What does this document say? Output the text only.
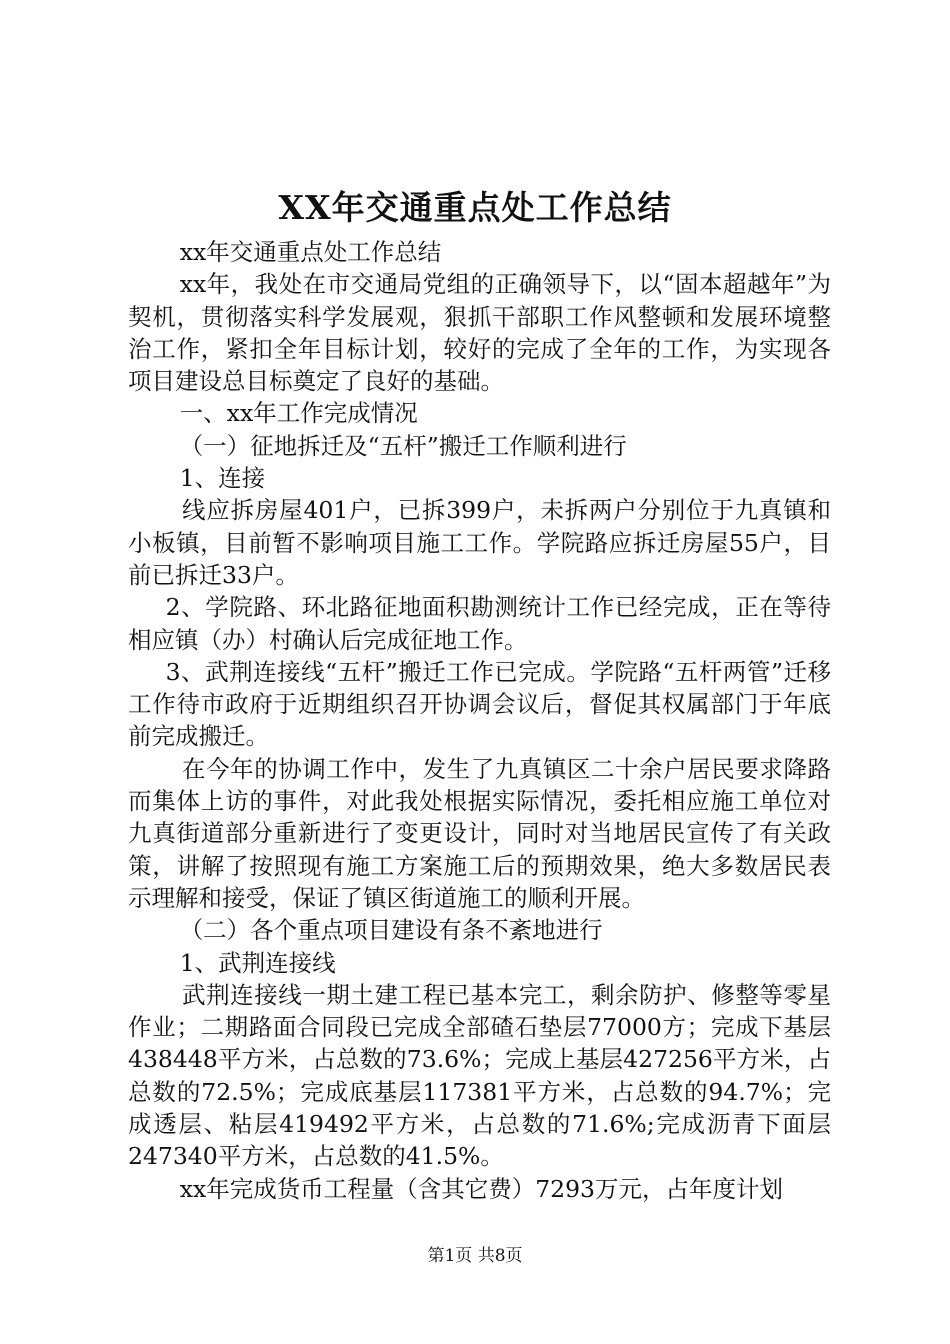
XX年交通重点处工作总结

xx年交通重点处工作总结

xx年，我处在市交通局党组的正确领导下，以“固本超越年”为契机，贯彻落实科学发展观，狠抓干部职工作风整顿和发展环境整治工作，紧扣全年目标计划，较好的完成了全年的工作，为实现各项目建设总目标奠定了良好的基础。

一、xx年工作完成情况

（一）征地拆迁及“五杆”搬迁工作顺利进行

1、连接

线应拆房屋401户，已拆399户，未拆两户分别位于九真镇和小板镇，目前暂不影响项目施工工作。学院路应拆迁房屋55户，目前已拆迁33户。

2、学院路、环北路征地面积勘测统计工作已经完成，正在等待相应镇（办）村确认后完成征地工作。

3、武荆连接线“五杆”搬迁工作已完成。学院路“五杆两管”迁移工作待市政府于近期组织召开协调会议后，督促其权属部门于年底前完成搬迁。

在今年的协调工作中，发生了九真镇区二十余户居民要求降路而集体上访的事件，对此我处根据实际情况，委托相应施工单位对九真街道部分重新进行了变更设计，同时对当地居民宣传了有关政策，讲解了按照现有施工方案施工后的预期效果，绝大多数居民表示理解和接受，保证了镇区街道施工的顺利开展。

（二）各个重点项目建设有条不紊地进行

1、武荆连接线

武荆连接线一期土建工程已基本完工，剩余防护、修整等零星作业；二期路面合同段已完成全部碴石垫层77000方；完成下基层438448平方米，占总数的73.6%；完成上基层427256平方米，占总数的72.5%；完成底基层117381平方米，占总数的94.7%；完成透层、粘层419492平方米，占总数的71.6%;完成沥青下面层247340平方米，占总数的41.5%。

xx年完成货币工程量（含其它费）7293万元，占年度计划

第1页 共8页
